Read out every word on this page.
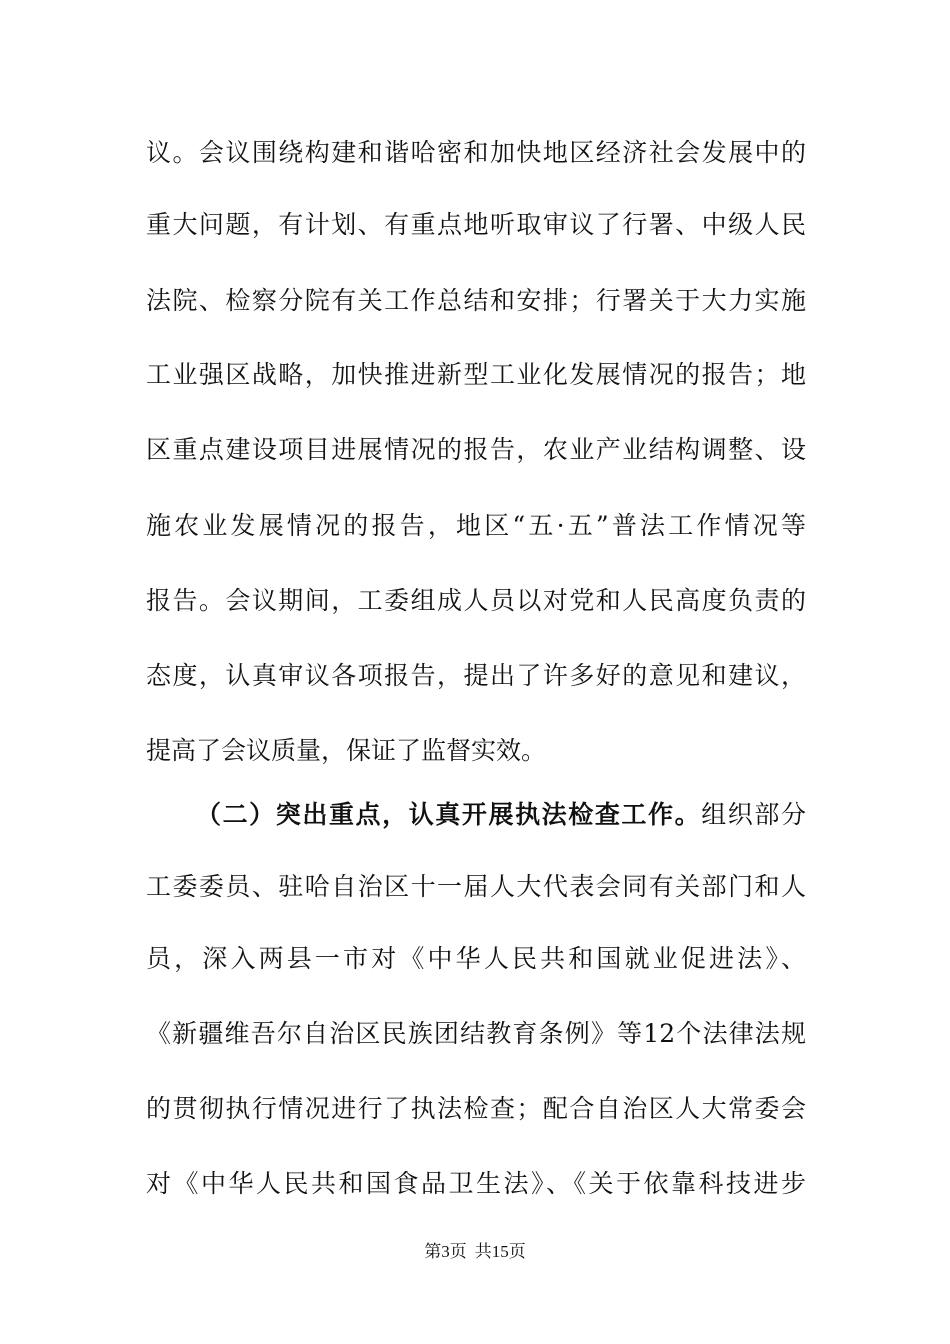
议。会议围绕构建和谐哈密和加快地区经济社会发展中的
重大问题，有计划、有重点地听取审议了行署、中级人民
法院、检察分院有关工作总结和安排；行署关于大力实施
工业强区战略，加快推进新型工业化发展情况的报告；地
区重点建设项目进展情况的报告，农业产业结构调整、设
施农业发展情况的报告，地区“五·五”普法工作情况等
报告。会议期间，工委组成人员以对党和人民高度负责的
态度，认真审议各项报告，提出了许多好的意见和建议，
提高了会议质量，保证了监督实效。
（二）突出重点，认真开展执法检查工作。组织部分
工委委员、驻哈自治区十一届人大代表会同有关部门和人
员，深入两县一市对《中华人民共和国就业促进法》、
《新疆维吾尔自治区民族团结教育条例》等12个法律法规
的贯彻执行情况进行了执法检查；配合自治区人大常委会
对《中华人民共和国食品卫生法》、《关于依靠科技进步
第3页 共15页
